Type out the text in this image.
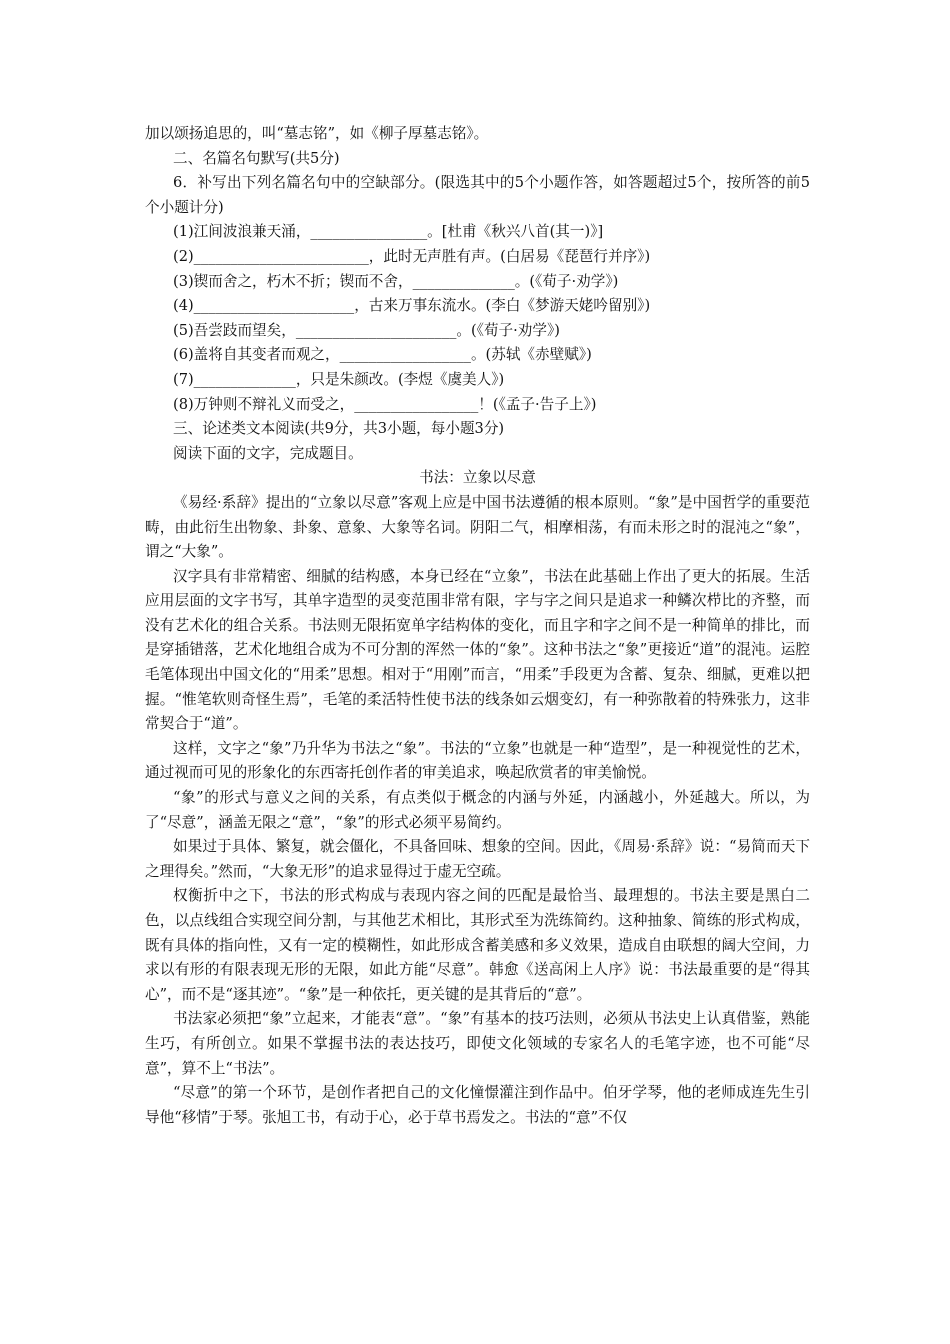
加以颂扬追思的，叫“墓志铭”，如《柳子厚墓志铭》。
二、名篇名句默写(共5分)

6．补写出下列名篇名句中的空缺部分。(限选其中的5个小题作答，如答题超过5个，按所答的前5个小题计分)

(1)江间波浪兼天涌，________________。[杜甫《秋兴八首(其一)》]
(2)________________________，此时无声胜有声。(白居易《琵琶行并序》)
(3)锲而舍之，朽木不折；锲而不舍，______________。(《荀子·劝学》)
(4)______________________，古来万事东流水。(李白《梦游天姥吟留别》)
(5)吾尝跂而望矣，______________________。(《荀子·劝学》)
(6)盖将自其变者而观之，__________________。(苏轼《赤壁赋》)
(7)______________，只是朱颜改。(李煜《虞美人》)
(8)万钟则不辩礼义而受之，_________________！(《孟子·告子上》)
三、论述类文本阅读(共9分，共3小题，每小题3分)
阅读下面的文字，完成题目。
书法：立象以尽意

《易经·系辞》提出的“立象以尽意”客观上应是中国书法遵循的根本原则。“象”是中国哲学的重要范畴，由此衍生出物象、卦象、意象、大象等名词。阴阳二气，相摩相荡，有而未形之时的混沌之“象”，谓之“大象”。

汉字具有非常精密、细腻的结构感，本身已经在“立象”，书法在此基础上作出了更大的拓展。生活应用层面的文字书写，其单字造型的灵变范围非常有限，字与字之间只是追求一种鳞次栉比的齐整，而没有艺术化的组合关系。书法则无限拓宽单字结构体的变化，而且字和字之间不是一种简单的排比，而是穿插错落，艺术化地组合成为不可分割的浑然一体的“象”。这种书法之“象”更接近“道”的混沌。运腔毛笔体现出中国文化的“用柔”思想。相对于“用刚”而言，“用柔”手段更为含蓄、复杂、细腻，更难以把握。“惟笔软则奇怪生焉”，毛笔的柔活特性使书法的线条如云烟变幻，有一种弥散着的特殊张力，这非常契合于“道”。

这样，文字之“象”乃升华为书法之“象”。书法的“立象”也就是一种“造型”，是一种视觉性的艺术，通过视而可见的形象化的东西寄托创作者的审美追求，唤起欣赏者的审美愉悦。

“象”的形式与意义之间的关系，有点类似于概念的内涵与外延，内涵越小，外延越大。所以，为了“尽意”，涵盖无限之“意”，“象”的形式必须平易简约。

如果过于具体、繁复，就会僵化，不具备回味、想象的空间。因此，《周易·系辞》说：“易简而天下之理得矣。”然而，“大象无形”的追求显得过于虚无空疏。

权衡折中之下，书法的形式构成与表现内容之间的匹配是最恰当、最理想的。书法主要是黑白二色，以点线组合实现空间分割，与其他艺术相比，其形式至为洗练简约。这种抽象、简练的形式构成，既有具体的指向性，又有一定的模糊性，如此形成含蓄美感和多义效果，造成自由联想的阔大空间，力求以有形的有限表现无形的无限，如此方能“尽意”。韩愈《送高闲上人序》说：书法最重要的是“得其心”，而不是“逐其迹”。“象”是一种依托，更关键的是其背后的“意”。

书法家必须把“象”立起来，才能表“意”。“象”有基本的技巧法则，必须从书法史上认真借鉴，熟能生巧，有所创立。如果不掌握书法的表达技巧，即使文化领域的专家名人的毛笔字迹，也不可能“尽意”，算不上“书法”。

“尽意”的第一个环节，是创作者把自己的文化憧憬灌注到作品中。伯牙学琴，他的老师成连先生引导他“移情”于琴。张旭工书，有动于心，必于草书焉发之。书法的“意”不仅
